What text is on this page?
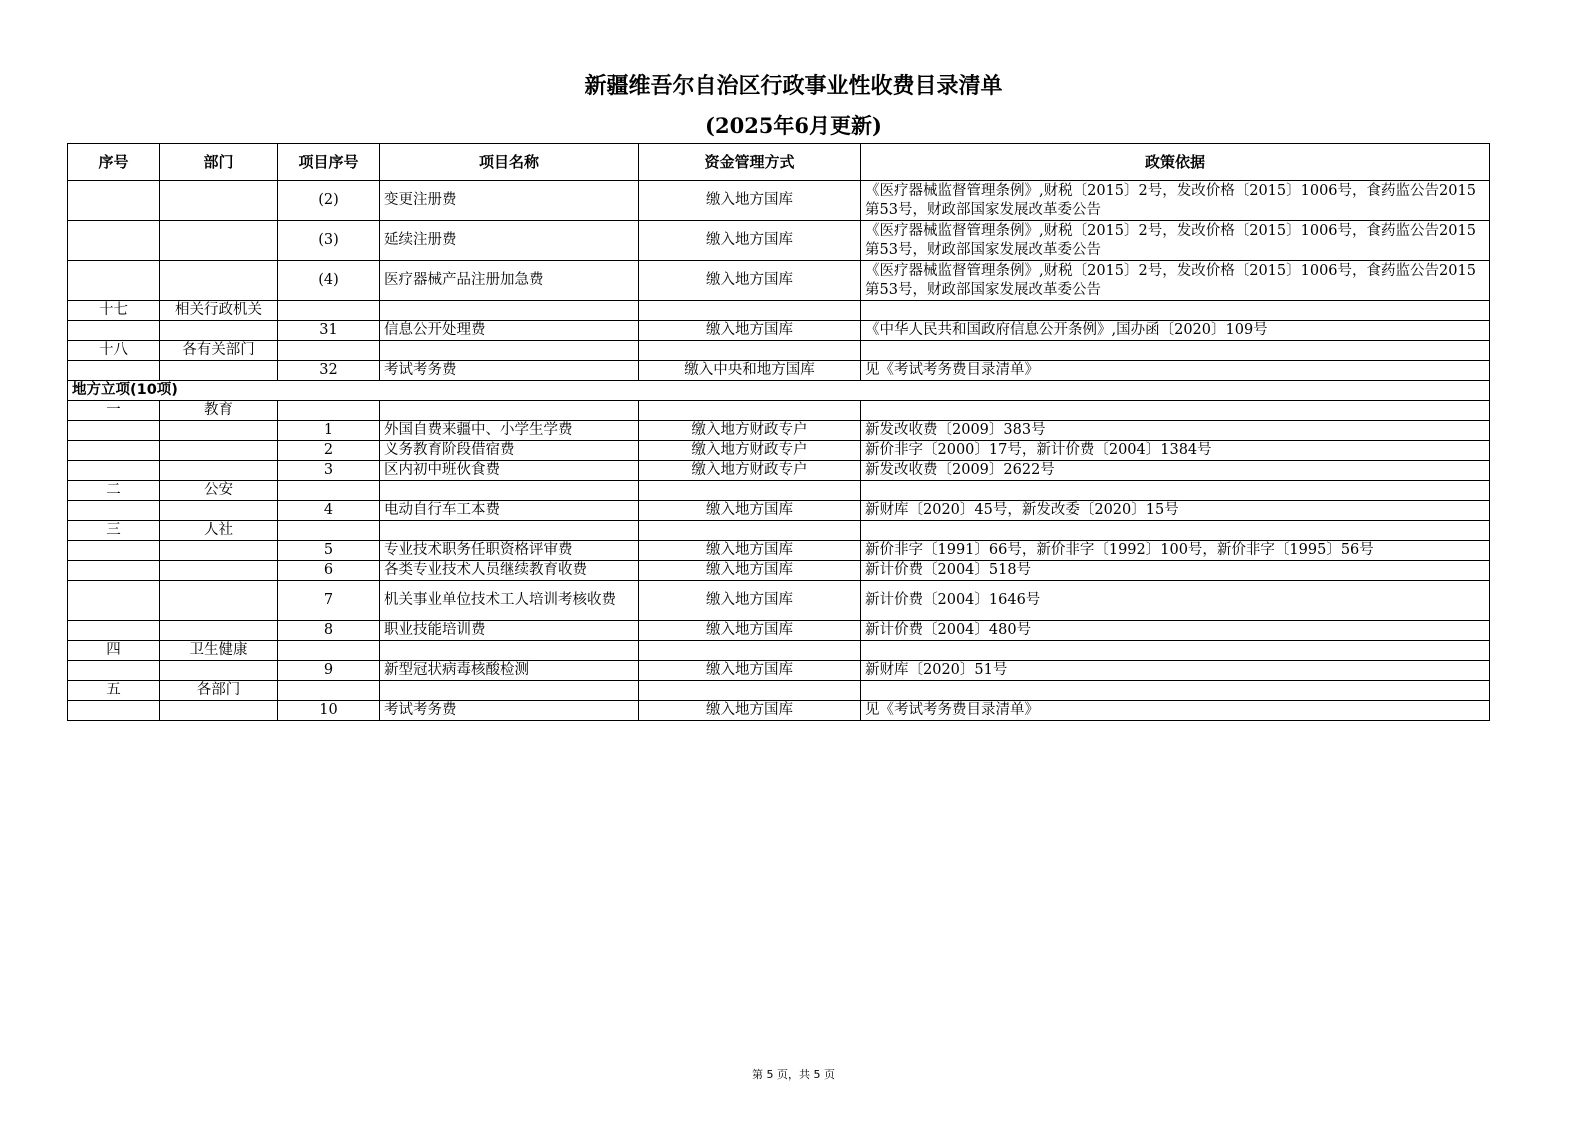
新疆维吾尔自治区行政事业性收费目录清单
(2025年6月更新)
序号	部门	项目序号	项目名称	资金管理方式	政策依据
		(2)	变更注册费	缴入地方国库	《医疗器械监督管理条例》,财税〔2015〕2号，发改价格〔2015〕1006号，食药监公告2015第53号，财政部国家发展改革委公告
		(3)	延续注册费	缴入地方国库	《医疗器械监督管理条例》,财税〔2015〕2号，发改价格〔2015〕1006号，食药监公告2015第53号，财政部国家发展改革委公告
		(4)	医疗器械产品注册加急费	缴入地方国库	《医疗器械监督管理条例》,财税〔2015〕2号，发改价格〔2015〕1006号，食药监公告2015第53号，财政部国家发展改革委公告
十七	相关行政机关				
		31	信息公开处理费	缴入地方国库	《中华人民共和国政府信息公开条例》,国办函〔2020〕109号
十八	各有关部门				
		32	考试考务费	缴入中央和地方国库	见《考试考务费目录清单》
地方立项(10项)					
一	教育				
		1	外国自费来疆中、小学生学费	缴入地方财政专户	新发改收费〔2009〕383号
		2	义务教育阶段借宿费	缴入地方财政专户	新价非字〔2000〕17号，新计价费〔2004〕1384号
		3	区内初中班伙食费	缴入地方财政专户	新发改收费〔2009〕2622号
二	公安				
		4	电动自行车工本费	缴入地方国库	新财库〔2020〕45号，新发改委〔2020〕15号
三	人社				
		5	专业技术职务任职资格评审费	缴入地方国库	新价非字〔1991〕66号，新价非字〔1992〕100号，新价非字〔1995〕56号
		6	各类专业技术人员继续教育收费	缴入地方国库	新计价费〔2004〕518号
		7	机关事业单位技术工人培训考核收费	缴入地方国库	新计价费〔2004〕1646号
		8	职业技能培训费	缴入地方国库	新计价费〔2004〕480号
四	卫生健康				
		9	新型冠状病毒核酸检测	缴入地方国库	新财库〔2020〕51号
五	各部门				
		10	考试考务费	缴入地方国库	见《考试考务费目录清单》
第 5 页，共 5 页
